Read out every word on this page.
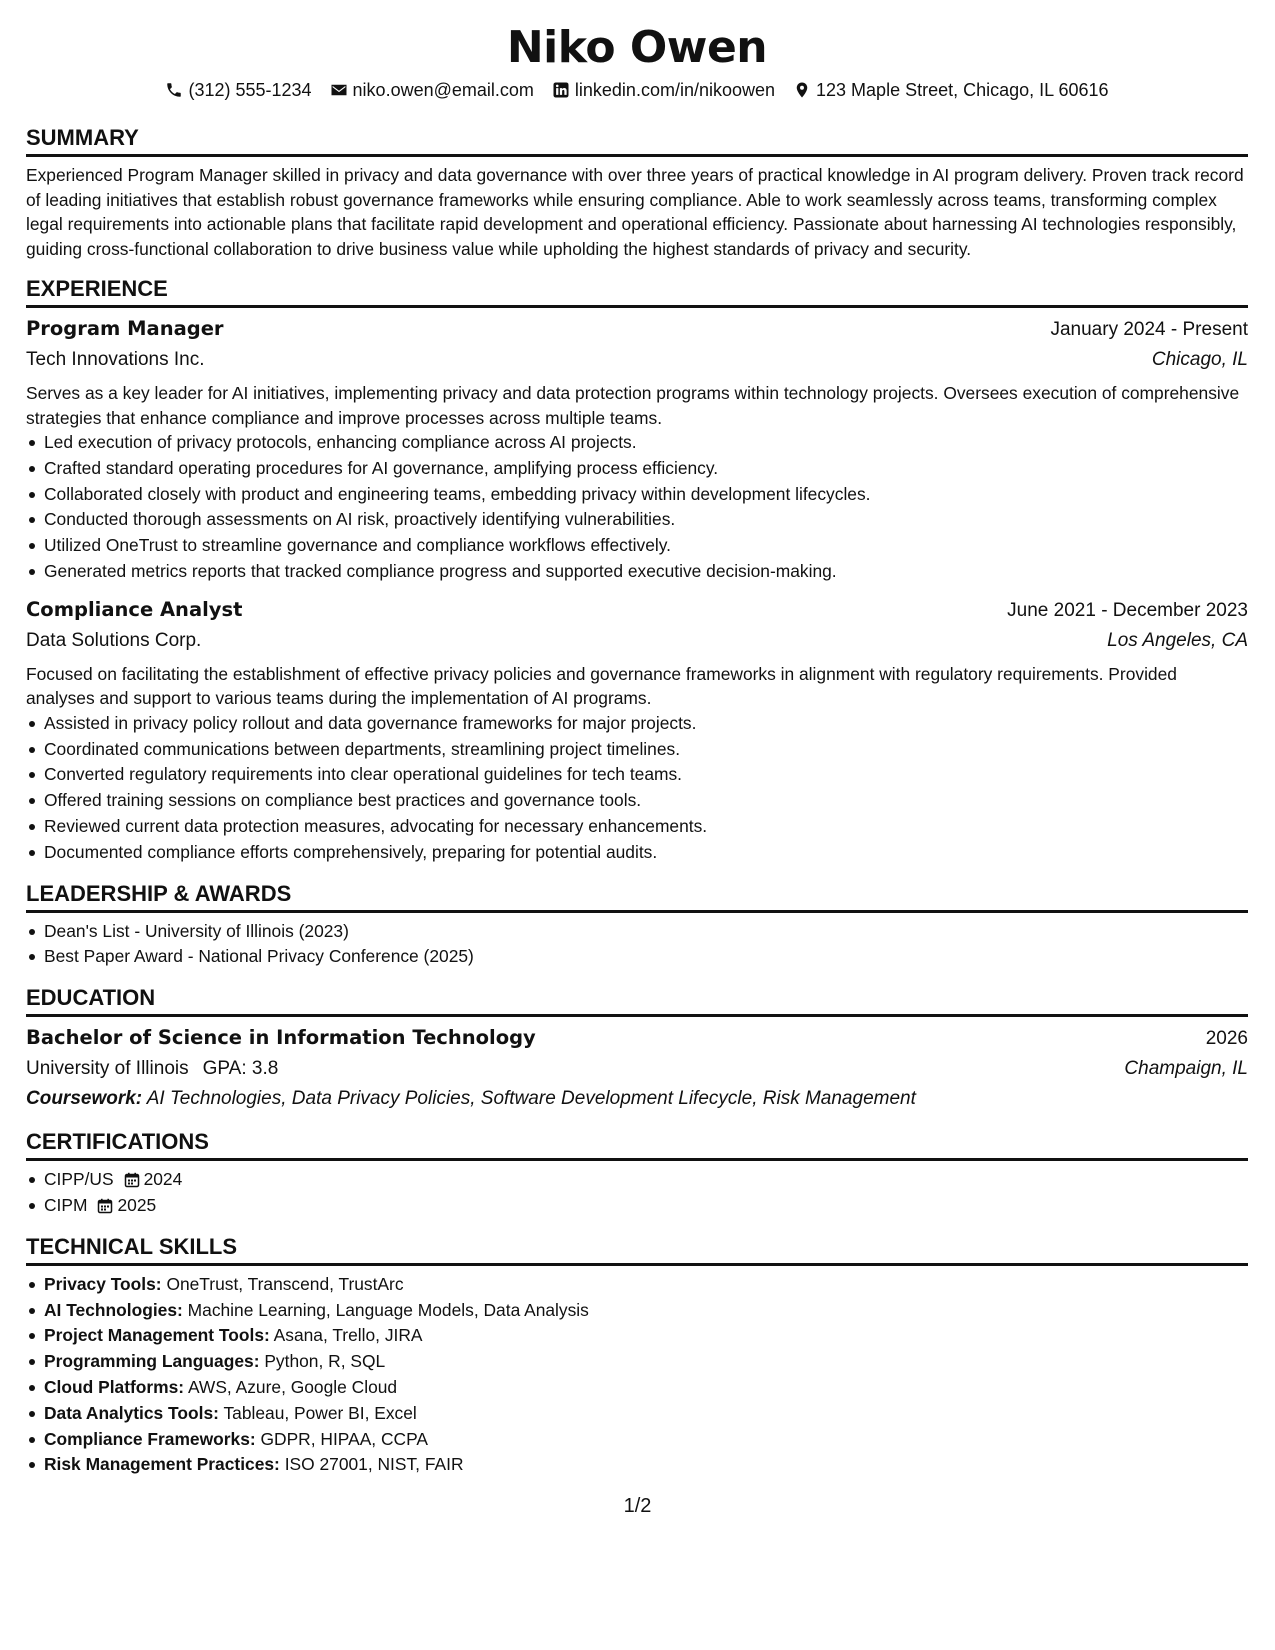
Niko Owen
(312) 555-1234 niko.owen@email.com linkedin.com/in/nikoowen 123 Maple Street, Chicago, IL 60616
SUMMARY

Experienced Program Manager skilled in privacy and data governance with over three years of practical knowledge in AI program delivery. Proven track record of leading initiatives that establish robust governance frameworks while ensuring compliance. Able to work seamlessly across teams, transforming complex legal requirements into actionable plans that facilitate rapid development and operational efficiency. Passionate about harnessing AI technologies responsibly, guiding cross-functional collaboration to drive business value while upholding the highest standards of privacy and security.

EXPERIENCE
Program Manager	January 2024 - Present
Tech Innovations Inc.	Chicago, IL

Serves as a key leader for AI initiatives, implementing privacy and data protection programs within technology projects. Oversees execution of comprehensive strategies that enhance compliance and improve processes across multiple teams.

Led execution of privacy protocols, enhancing compliance across AI projects.
Crafted standard operating procedures for AI governance, amplifying process efficiency.
Collaborated closely with product and engineering teams, embedding privacy within development lifecycles.
Conducted thorough assessments on AI risk, proactively identifying vulnerabilities.
Utilized OneTrust to streamline governance and compliance workflows effectively.
Generated metrics reports that tracked compliance progress and supported executive decision-making.
Compliance Analyst	June 2021 - December 2023
Data Solutions Corp.	Los Angeles, CA

Focused on facilitating the establishment of effective privacy policies and governance frameworks in alignment with regulatory requirements. Provided analyses and support to various teams during the implementation of AI programs.

Assisted in privacy policy rollout and data governance frameworks for major projects.
Coordinated communications between departments, streamlining project timelines.
Converted regulatory requirements into clear operational guidelines for tech teams.
Offered training sessions on compliance best practices and governance tools.
Reviewed current data protection measures, advocating for necessary enhancements.
Documented compliance efforts comprehensively, preparing for potential audits.
LEADERSHIP & AWARDS
Dean's List - University of Illinois (2023)
Best Paper Award - National Privacy Conference (2025)
EDUCATION
Bachelor of Science in Information Technology	2026
University of Illinois GPA: 3.8	Champaign, IL
Coursework: AI Technologies, Data Privacy Policies, Software Development Lifecycle, Risk Management
CERTIFICATIONS
CIPP/US 2024
CIPM 2025
TECHNICAL SKILLS
Privacy Tools: OneTrust, Transcend, TrustArc
AI Technologies: Machine Learning, Language Models, Data Analysis
Project Management Tools: Asana, Trello, JIRA
Programming Languages: Python, R, SQL
Cloud Platforms: AWS, Azure, Google Cloud
Data Analytics Tools: Tableau, Power BI, Excel
Compliance Frameworks: GDPR, HIPAA, CCPA
Risk Management Practices: ISO 27001, NIST, FAIR
1/2
